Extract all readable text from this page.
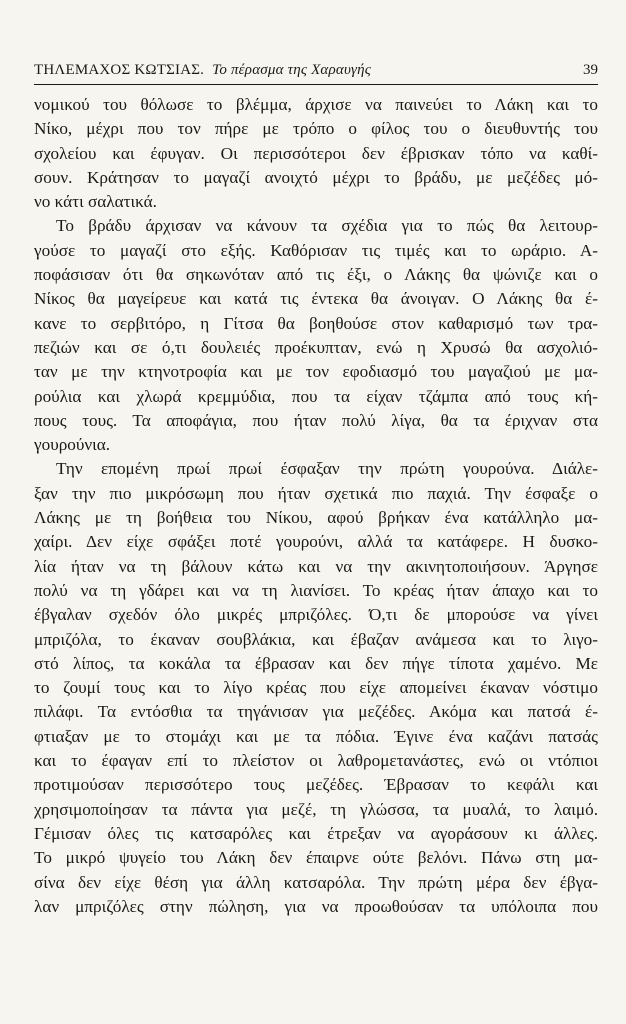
ΤΗΛΕΜΑΧΟΣ ΚΩΤΣΙΑΣ. Το πέρασμα της Χαραυγής	39
νομικού του θόλωσε το βλέμμα, άρχισε να παινεύει το Λάκη και το
Νίκο, μέχρι που τον πήρε με τρόπο ο φίλος του ο διευθυντής του
σχολείου και έφυγαν. Οι περισσότεροι δεν έβρισκαν τόπο να καθί-
σουν. Κράτησαν το μαγαζί ανοιχτό μέχρι το βράδυ, με μεζέδες μό-
νο κάτι σαλατικά.
Το βράδυ άρχισαν να κάνουν τα σχέδια για το πώς θα λειτουρ-
γούσε το μαγαζί στο εξής. Καθόρισαν τις τιμές και το ωράριο. Α-
ποφάσισαν ότι θα σηκωνόταν από τις έξι, ο Λάκης θα ψώνιζε και ο
Νίκος θα μαγείρευε και κατά τις έντεκα θα άνοιγαν. Ο Λάκης θα έ-
κανε το σερβιτόρο, η Γίτσα θα βοηθούσε στον καθαρισμό των τρα-
πεζιών και σε ό,τι δουλειές προέκυπταν, ενώ η Χρυσώ θα ασχολιό-
ταν με την κτηνοτροφία και με τον εφοδιασμό του μαγαζιού με μα-
ρούλια και χλωρά κρεμμύδια, που τα είχαν τζάμπα από τους κή-
πους τους. Τα αποφάγια, που ήταν πολύ λίγα, θα τα έριχναν στα
γουρούνια.
Την επομένη πρωί πρωί έσφαξαν την πρώτη γουρούνα. Διάλε-
ξαν την πιο μικρόσωμη που ήταν σχετικά πιο παχιά. Την έσφαξε ο
Λάκης με τη βοήθεια του Νίκου, αφού βρήκαν ένα κατάλληλο μα-
χαίρι. Δεν είχε σφάξει ποτέ γουρούνι, αλλά τα κατάφερε. Η δυσκο-
λία ήταν να τη βάλουν κάτω και να την ακινητοποιήσουν. Άργησε
πολύ να τη γδάρει και να τη λιανίσει. Το κρέας ήταν άπαχο και το
έβγαλαν σχεδόν όλο μικρές μπριζόλες. Ό,τι δε μπορούσε να γίνει
μπριζόλα, το έκαναν σουβλάκια, και έβαζαν ανάμεσα και το λιγο-
στό λίπος, τα κοκάλα τα έβρασαν και δεν πήγε τίποτα χαμένο. Με
το ζουμί τους και το λίγο κρέας που είχε απομείνει έκαναν νόστιμο
πιλάφι. Τα εντόσθια τα τηγάνισαν για μεζέδες. Ακόμα και πατσά έ-
φτιαξαν με το στομάχι και με τα πόδια. Έγινε ένα καζάνι πατσάς
και το έφαγαν επί το πλείστον οι λαθρομετανάστες, ενώ οι ντόπιοι
προτιμούσαν περισσότερο τους μεζέδες. Έβρασαν το κεφάλι και
χρησιμοποίησαν τα πάντα για μεζέ, τη γλώσσα, τα μυαλά, το λαιμό.
Γέμισαν όλες τις κατσαρόλες και έτρεξαν να αγοράσουν κι άλλες.
Το μικρό ψυγείο του Λάκη δεν έπαιρνε ούτε βελόνι. Πάνω στη μα-
σίνα δεν είχε θέση για άλλη κατσαρόλα. Την πρώτη μέρα δεν έβγα-
λαν μπριζόλες στην πώληση, για να προωθούσαν τα υπόλοιπα που
